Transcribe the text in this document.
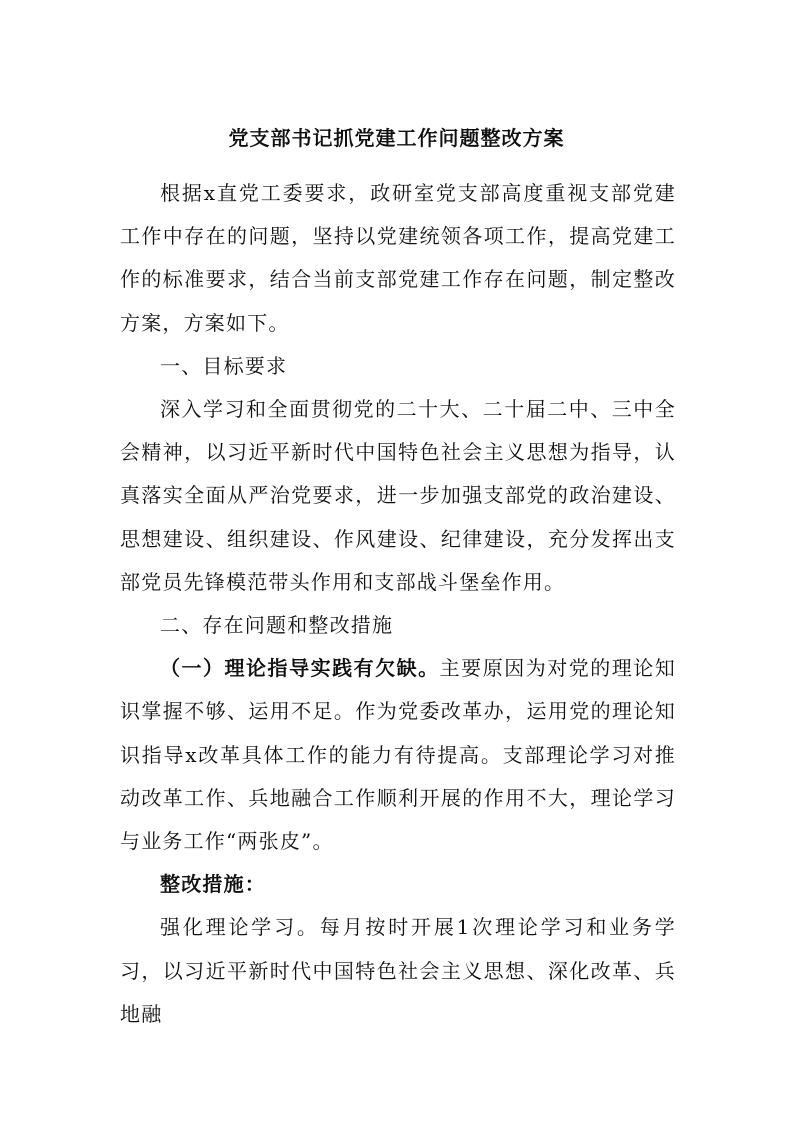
党支部书记抓党建工作问题整改方案

根据x直党工委要求，政研室党支部高度重视支部党建工作中存在的问题，坚持以党建统领各项工作，提高党建工作的标准要求，结合当前支部党建工作存在问题，制定整改方案，方案如下。

一、目标要求

深入学习和全面贯彻党的二十大、二十届二中、三中全会精神，以习近平新时代中国特色社会主义思想为指导，认真落实全面从严治党要求，进一步加强支部党的政治建设、思想建设、组织建设、作风建设、纪律建设，充分发挥出支部党员先锋模范带头作用和支部战斗堡垒作用。

二、存在问题和整改措施

（一）理论指导实践有欠缺。主要原因为对党的理论知识掌握不够、运用不足。作为党委改革办，运用党的理论知识指导x改革具体工作的能力有待提高。支部理论学习对推动改革工作、兵地融合工作顺利开展的作用不大，理论学习与业务工作“两张皮”。

整改措施：

强化理论学习。每月按时开展1次理论学习和业务学习，以习近平新时代中国特色社会主义思想、深化改革、兵地融
